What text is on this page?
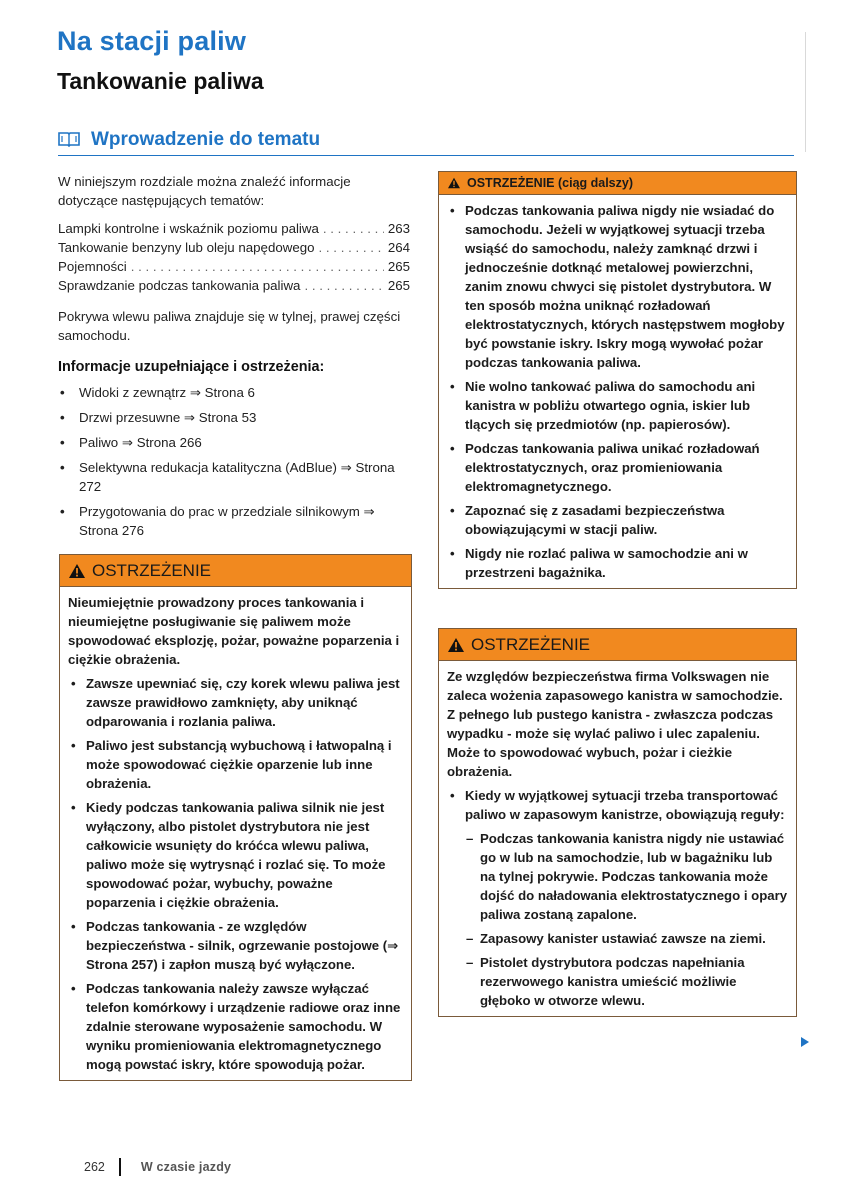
Na stacji paliw
Tankowanie paliwa
Wprowadzenie do tematu

W niniejszym rozdziale można znaleźć informacje dotyczące następujących tematów:

Lampki kontrolne i wskaźnik poziomu paliwa . . .	263
Tankowanie benzyny lub oleju napędowego . . .	264
Pojemności . . .	265
Sprawdzanie podczas tankowania paliwa . . .	265

Pokrywa wlewu paliwa znajduje się w tylnej, prawej części samochodu.

Informacje uzupełniające i ostrzeżenia:

• Widoki z zewnątrz ⇒ Strona 6
• Drzwi przesuwne ⇒ Strona 53
• Paliwo ⇒ Strona 266
• Selektywna redukacja katalityczna (AdBlue) ⇒ Strona 272
• Przygotowania do prac w przedziale silnikowym ⇒ Strona 276
OSTRZEŻENIE

Nieumiejętnie prowadzony proces tankowania i nieumiejętne posługiwanie się paliwem może spowodować eksplozję, pożar, poważne poparzenia i ciężkie obrażenia.

• Zawsze upewniać się, czy korek wlewu paliwa jest zawsze prawidłowo zamknięty, aby uniknąć odparowania i rozlania paliwa.

• Paliwo jest substancją wybuchową i łatwopalną i może spowodować ciężkie oparzenie lub inne obrażenia.

• Kiedy podczas tankowania paliwa silnik nie jest wyłączony, albo pistolet dystrybutora nie jest całkowicie wsunięty do króćca wlewu paliwa, paliwo może się wytrysnąć i rozlać się. To może spowodować pożar, wybuchy, poważne poparzenia i ciężkie obrażenia.

• Podczas tankowania - ze względów bezpieczeństwa - silnik, ogrzewanie postojowe (⇒ Strona 257) i zapłon muszą być wyłączone.

• Podczas tankowania należy zawsze wyłączać telefon komórkowy i urządzenie radiowe oraz inne zdalnie sterowane wyposażenie samochodu. W wyniku promieniowania elektromagnetycznego mogą powstać iskry, które spowodują pożar.

OSTRZEŻENIE (ciąg dalszy)

• Podczas tankowania paliwa nigdy nie wsiadać do samochodu. Jeżeli w wyjątkowej sytuacji trzeba wsiąść do samochodu, należy zamknąć drzwi i jednocześnie dotknąć metalowej powierzchni, zanim znowu chwyci się pistolet dystrybutora. W ten sposób można uniknąć rozładowań elektrostatycznych, których następstwem mogłoby być powstanie iskry. Iskry mogą wywołać pożar podczas tankowania paliwa.

• Nie wolno tankować paliwa do samochodu ani kanistra w pobliżu otwartego ognia, iskier lub tlących się przedmiotów (np. papierosów).

• Podczas tankowania paliwa unikać rozładowań elektrostatycznych, oraz promieniowania elektromagnetycznego.

• Zapoznać się z zasadami bezpieczeństwa obowiązującymi w stacji paliw.

• Nigdy nie rozlać paliwa w samochodzie ani w przestrzeni bagażnika.

OSTRZEŻENIE

Ze względów bezpieczeństwa firma Volkswagen nie zaleca wożenia zapasowego kanistra w samochodzie. Z pełnego lub pustego kanistra - zwłaszcza podczas wypadku - może się wylać paliwo i ulec zapaleniu. Może to spowodować wybuch, pożar i cieżkie obrażenia.

• Kiedy w wyjątkowej sytuacji trzeba transportować paliwo w zapasowym kanistrze, obowiązują reguły:

– Podczas tankowania kanistra nigdy nie ustawiać go w lub na samochodzie, lub w bagażniku lub na tylnej pokrywie. Podczas tankowania może dojść do naładowania elektrostatycznego i opary paliwa zostaną zapalone.

– Zapasowy kanister ustawiać zawsze na ziemi.

– Pistolet dystrybutora podczas napełniania rezerwowego kanistra umieścić możliwie głęboko w otworze wlewu.

262	W czasie jazdy
